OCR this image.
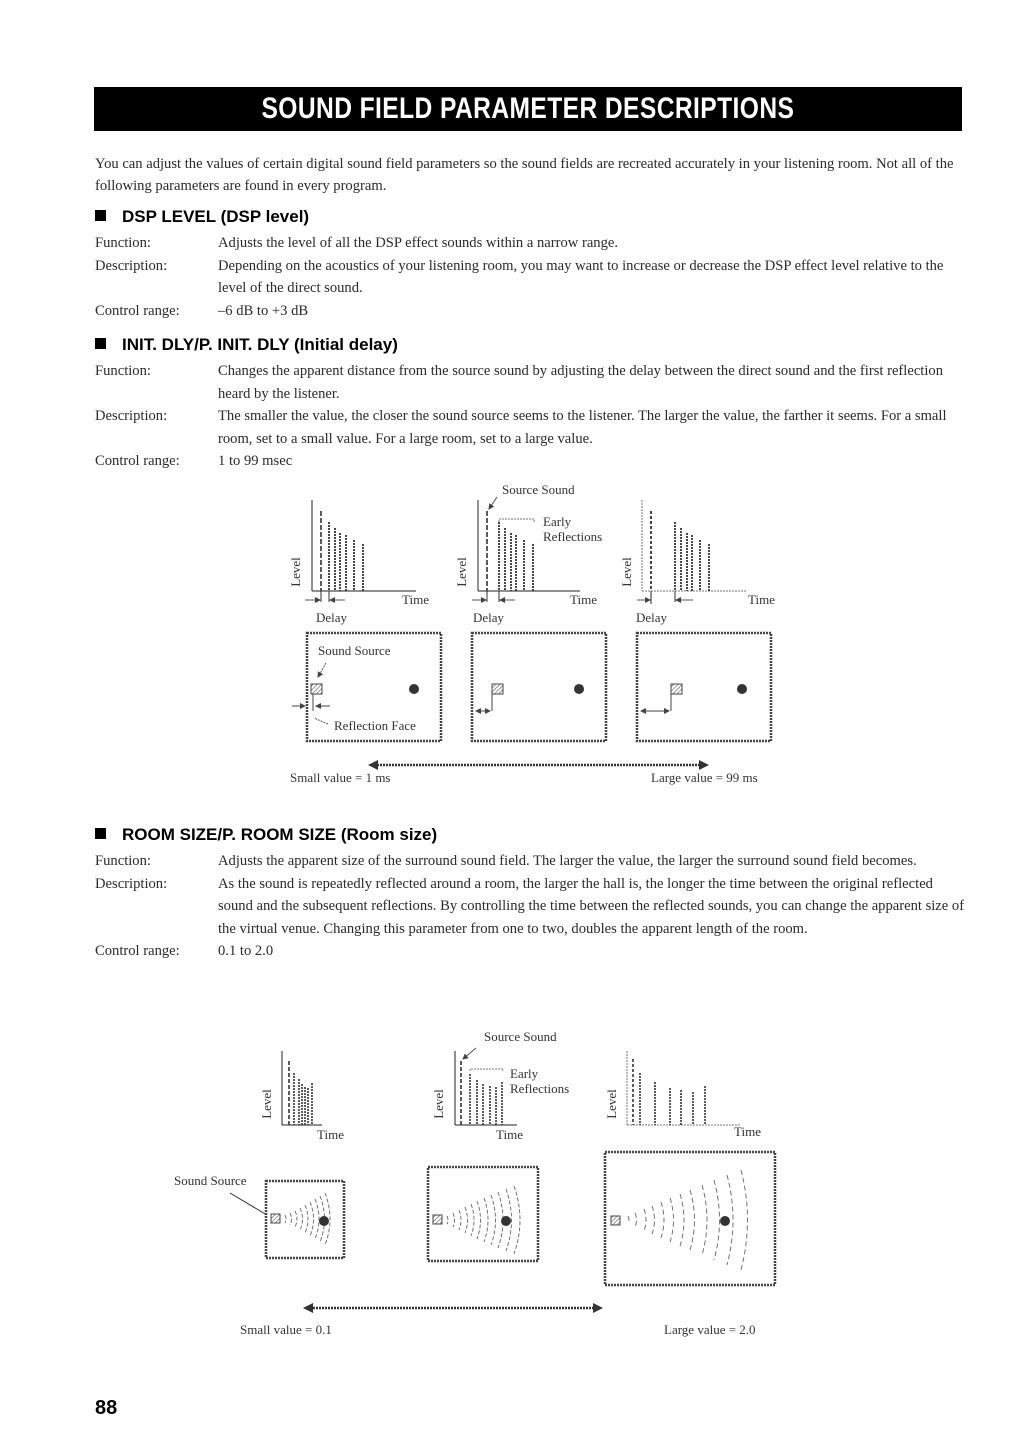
SOUND FIELD PARAMETER DESCRIPTIONS
You can adjust the values of certain digital sound field parameters so the sound fields are recreated accurately in your listening room. Not all of the following parameters are found in every program.
DSP LEVEL (DSP level)
Function:	Adjusts the level of all the DSP effect sounds within a narrow range.
Description:	Depending on the acoustics of your listening room, you may want to increase or decrease the DSP effect level relative to the level of the direct sound.
Control range:	–6 dB to +3 dB
INIT. DLY/P. INIT. DLY (Initial delay)
Function:	Changes the apparent distance from the source sound by adjusting the delay between the direct sound and the first reflection heard by the listener.
Description:	The smaller the value, the closer the sound source seems to the listener. The larger the value, the farther it seems. For a small room, set to a small value. For a large room, set to a large value.
Control range:	1 to 99 msec
Level
Time
Delay
Source Sound
Early
Reflections
Level
Time
Delay
Level
Time
Delay
Sound Source
Reflection Face
Small value = 1 ms	Large value = 99 ms
ROOM SIZE/P. ROOM SIZE (Room size)
Function:	Adjusts the apparent size of the surround sound field. The larger the value, the larger the surround sound field becomes.
Description:	As the sound is repeatedly reflected around a room, the larger the hall is, the longer the time between the original reflected sound and the subsequent reflections. By controlling the time between the reflected sounds, you can change the apparent size of the virtual venue. Changing this parameter from one to two, doubles the apparent length of the room.
Control range:	0.1 to 2.0
Level
Time
Source Sound
Early
Reflections
Level
Time
Level
Time
Sound Source
Small value = 0.1	Large value = 2.0
88
